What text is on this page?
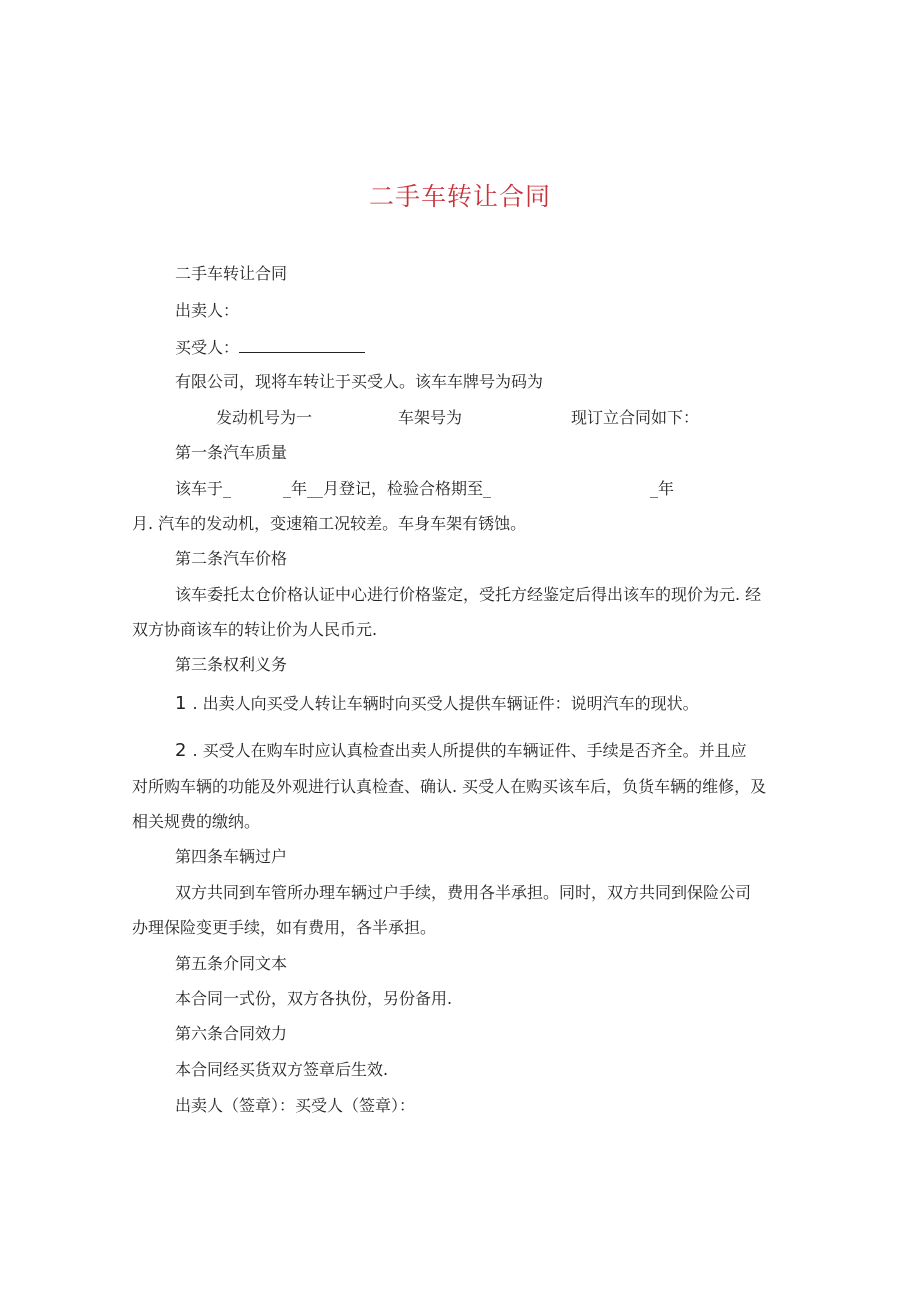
二手车转让合同
二手车转让合同
出卖人：
买受人：
有限公司，现将车转让于买受人。该车车牌号为码为
发动机号为一	车架号为	现订立合同如下：
第一条汽车质量
该车于_	_年__月登记，检验合格期至_	_年
月. 汽车的发动机，变速箱工况较差。车身车架有锈蚀。
第二条汽车价格
该车委托太仓价格认证中心进行价格鉴定，受托方经鉴定后得出该车的现价为元. 经
双方协商该车的转让价为人民币元.
第三条权利义务
1 . 出卖人向买受人转让车辆时向买受人提供车辆证件：说明汽车的现状。
2 . 买受人在购车时应认真检查出卖人所提供的车辆证件、手续是否齐全。并且应
对所购车辆的功能及外观进行认真检查、确认. 买受人在购买该车后，负货车辆的维修，及
相关规费的缴纳。
第四条车辆过户
双方共同到车管所办理车辆过户手续，费用各半承担。同时，双方共同到保险公司
办理保险变更手续，如有费用，各半承担。
第五条介同文本
本合同一式份，双方各执份，另份备用.
第六条合同效力
本合同经买货双方签章后生效.
出卖人（签章）：买受人（签章）：
